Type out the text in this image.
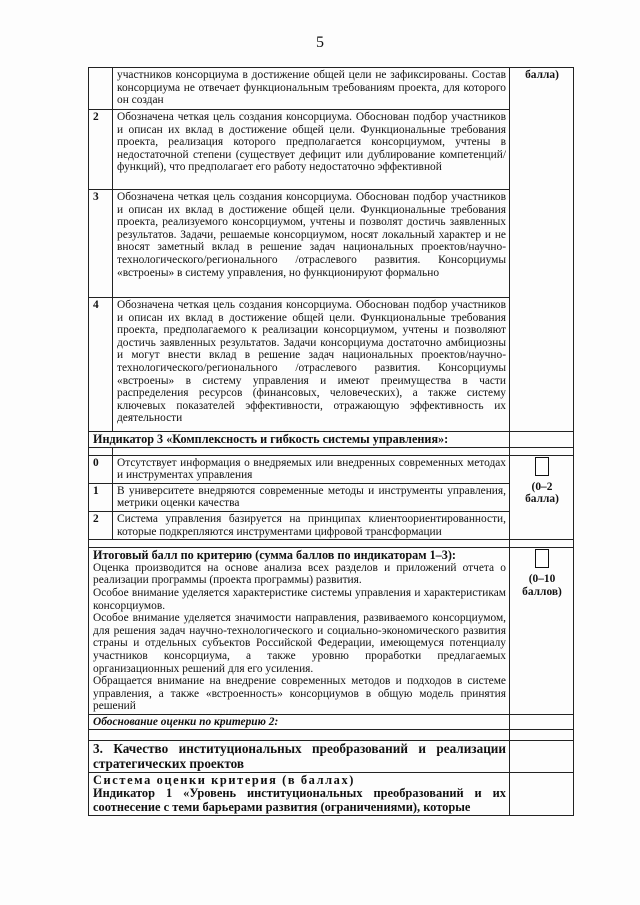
5
	участников консорциума в достижение общей цели не зафиксированы. Состав консорциума не отвечает функциональным требованиям проекта, для которого он создан	балла)
2	Обозначена четкая цель создания консорциума. Обоснован подбор участников и описан их вклад в достижение общей цели. Функциональные требования проекта, реализация которого предполагается консорциумом, учтены в недостаточной степени (существует дефицит или дублирование компетенций/функций), что предполагает его работу недостаточно эффективной	
3	Обозначена четкая цель создания консорциума. Обоснован подбор участников и описан их вклад в достижение общей цели. Функциональные требования проекта, реализуемого консорциумом, учтены и позволят достичь заявленных результатов. Задачи, решаемые консорциумом, носят локальный характер и не вносят заметный вклад в решение задач национальных проектов/научно-технологического/регионального /отраслевого развития. Консорциумы «встроены» в систему управления, но функционируют формально	
4	Обозначена четкая цель создания консорциума. Обоснован подбор участников и описан их вклад в достижение общей цели. Функциональные требования проекта, предполагаемого к реализации консорциумом, учтены и позволяют достичь заявленных результатов. Задачи консорциума достаточно амбициозны и могут внести вклад в решение задач национальных проектов/научно-технологического/регионального /отраслевого развития. Консорциумы «встроены» в систему управления и имеют преимущества в части распределения ресурсов (финансовых, человеческих), а также систему ключевых показателей эффективности, отражающую эффективность их деятельности	
Индикатор 3 «Комплексность и гибкость системы управления»:		

0	Отсутствует информация о внедряемых или внедренных современных методах и инструментах управления	(0–2 балла)
1	В университете внедряются современные методы и инструменты управления, метрики оценки качества	
2	Система управления базируется на принципах клиентоориентированности, которые подкрепляются инструментами цифровой трансформации	

Итоговый балл по критерию (сумма баллов по индикаторам 1–3):

Оценка производится на основе анализа всех разделов и приложений отчета о реализации программы (проекта программы) развития.

Особое внимание уделяется характеристике системы управления и характеристикам консорциумов.

Особое внимание уделяется значимости направления, развиваемого консорциумом, для решения задач научно-технологического и социально-экономического развития страны и отдельных субъектов Российской Федерации, имеющемуся потенциалу участников консорциума, а также уровню проработки предлагаемых организационных решений для его усиления.

Обращается внимание на внедрение современных методов и подходов в системе управления, а также «встроенность» консорциумов в общую модель принятия решений		(0–10 баллов)
Обоснование оценки по критерию 2:		

3. Качество институциональных преобразований и реализации стратегических проектов		

Система оценки критерия (в баллах)

Индикатор 1 «Уровень институциональных преобразований и их соотнесение с теми барьерами развития (ограничениями), которые		
